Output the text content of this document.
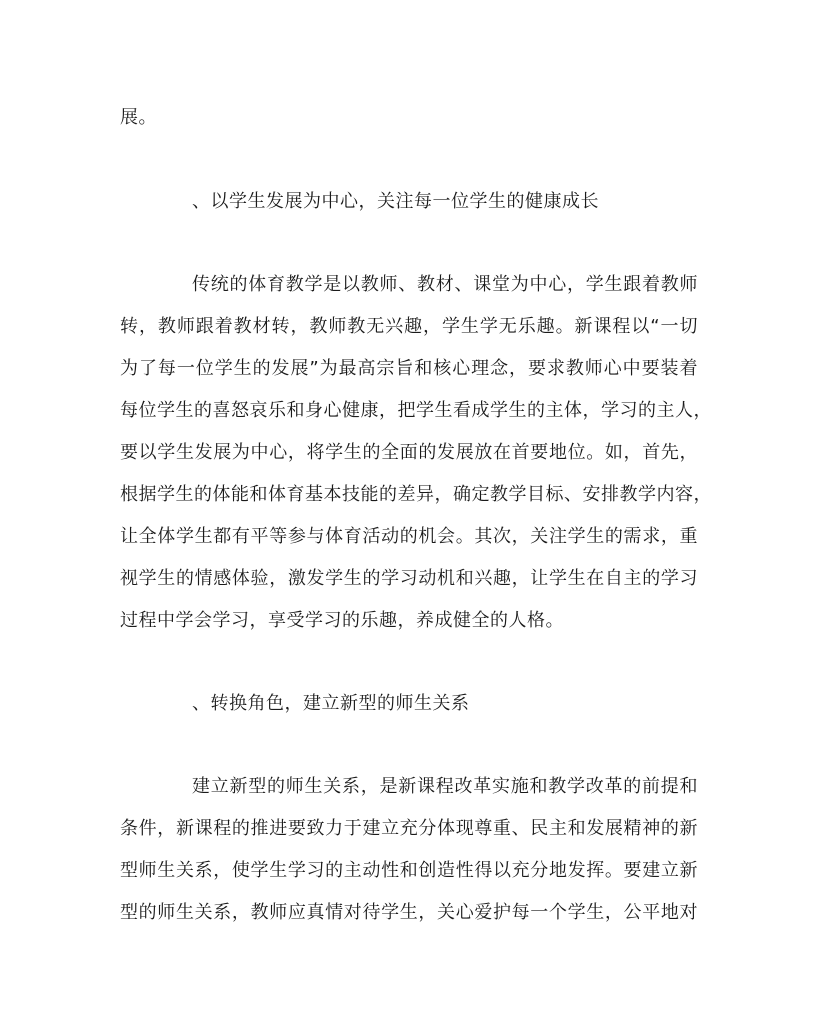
展。
、以学生发展为中心，关注每一位学生的健康成长
传统的体育教学是以教师、教材、课堂为中心，学生跟着教师
转，教师跟着教材转，教师教无兴趣，学生学无乐趣。新课程以“一切
为了每一位学生的发展”为最高宗旨和核心理念，要求教师心中要装着
每位学生的喜怒哀乐和身心健康，把学生看成学生的主体，学习的主人，
要以学生发展为中心，将学生的全面的发展放在首要地位。如，首先，
根据学生的体能和体育基本技能的差异，确定教学目标、安排教学内容，
让全体学生都有平等参与体育活动的机会。其次，关注学生的需求，重
视学生的情感体验，激发学生的学习动机和兴趣，让学生在自主的学习
过程中学会学习，享受学习的乐趣，养成健全的人格。
、转换角色，建立新型的师生关系
建立新型的师生关系，是新课程改革实施和教学改革的前提和
条件，新课程的推进要致力于建立充分体现尊重、民主和发展精神的新
型师生关系，使学生学习的主动性和创造性得以充分地发挥。要建立新
型的师生关系，教师应真情对待学生，关心爱护每一个学生，公平地对
